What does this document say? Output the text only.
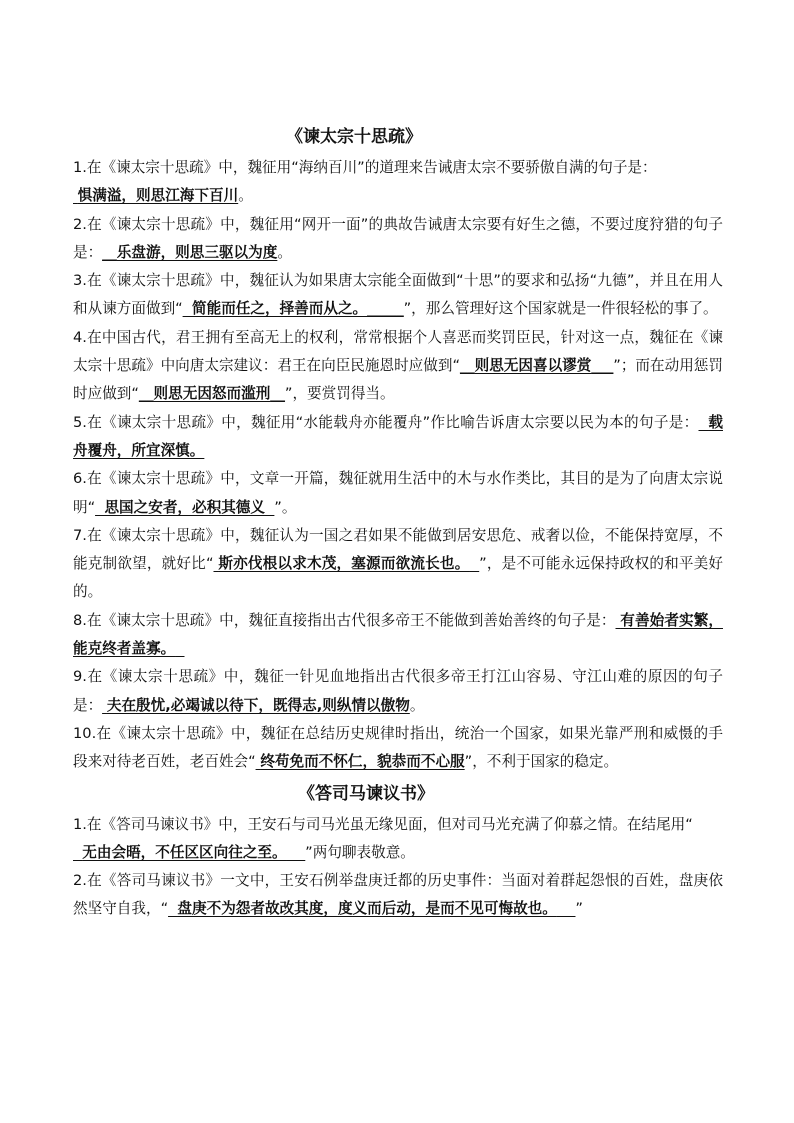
《谏太宗十思疏》

1.在《谏太宗十思疏》中，魏征用“海纳百川”的道理来告诫唐太宗不要骄傲自满的句子是：
惧满溢，则思江海下百川。

2.在《谏太宗十思疏》中，魏征用“网开一面”的典故告诫唐太宗要有好生之德，不要过度狩猎的句子是：__乐盘游，则思三驱以为度。

3.在《谏太宗十思疏》中，魏征认为如果唐太宗能全面做到“十思”的要求和弘扬“九德”，并且在用人和从谏方面做到“ 简能而任之，择善而从之。_____”，那么管理好这个国家就是一件很轻松的事了。

4.在中国古代，君王拥有至高无上的权利，常常根据个人喜恶而奖罚臣民，针对这一点，魏征在《谏太宗十思疏》中向唐太宗建议：君王在向臣民施恩时应做到“__则思无因喜以谬赏___”；而在动用惩罚时应做到“__则思无因怒而滥刑__”，要赏罚得当。

5.在《谏太宗十思疏》中，魏征用“水能载舟亦能覆舟”作比喻告诉唐太宗要以民为本的句子是： 载舟覆舟，所宜深慎。

6.在《谏太宗十思疏》中，文章一开篇，魏征就用生活中的木与水作类比，其目的是为了向唐太宗说明“ 思国之安者，必积其德义 ”。

7.在《谏太宗十思疏》中，魏征认为一国之君如果不能做到居安思危、戒奢以俭，不能保持宽厚，不能克制欲望，就好比“ 斯亦伐根以求木茂，塞源而欲流长也。 ”，是不可能永远保持政权的和平美好的。

8.在《谏太宗十思疏》中，魏征直接指出古代很多帝王不能做到善始善终的句子是： 有善始者实繁，能克终者盖寡。

9.在《谏太宗十思疏》中，魏征一针见血地指出古代很多帝王打江山容易、守江山难的原因的句子是： 夫在殷忧,必竭诚以待下，既得志,则纵情以傲物。

10.在《谏太宗十思疏》中，魏征在总结历史规律时指出，统治一个国家，如果光靠严刑和威慑的手段来对待老百姓，老百姓会“ 终苟免而不怀仁，貌恭而不心服”，不利于国家的稳定。

《答司马谏议书》

1.在《答司马谏议书》中，王安石与司马光虽无缘见面，但对司马光充满了仰慕之情。在结尾用“
无由会晤，不任区区向往之至。 ”两句聊表敬意。

2.在《答司马谏议书》一文中，王安石例举盘庚迁都的历史事件：当面对着群起怨恨的百姓，盘庚依然坚守自我，“ 盘庚不为怨者故改其度，度义而后动，是而不见可悔故也。 ”
